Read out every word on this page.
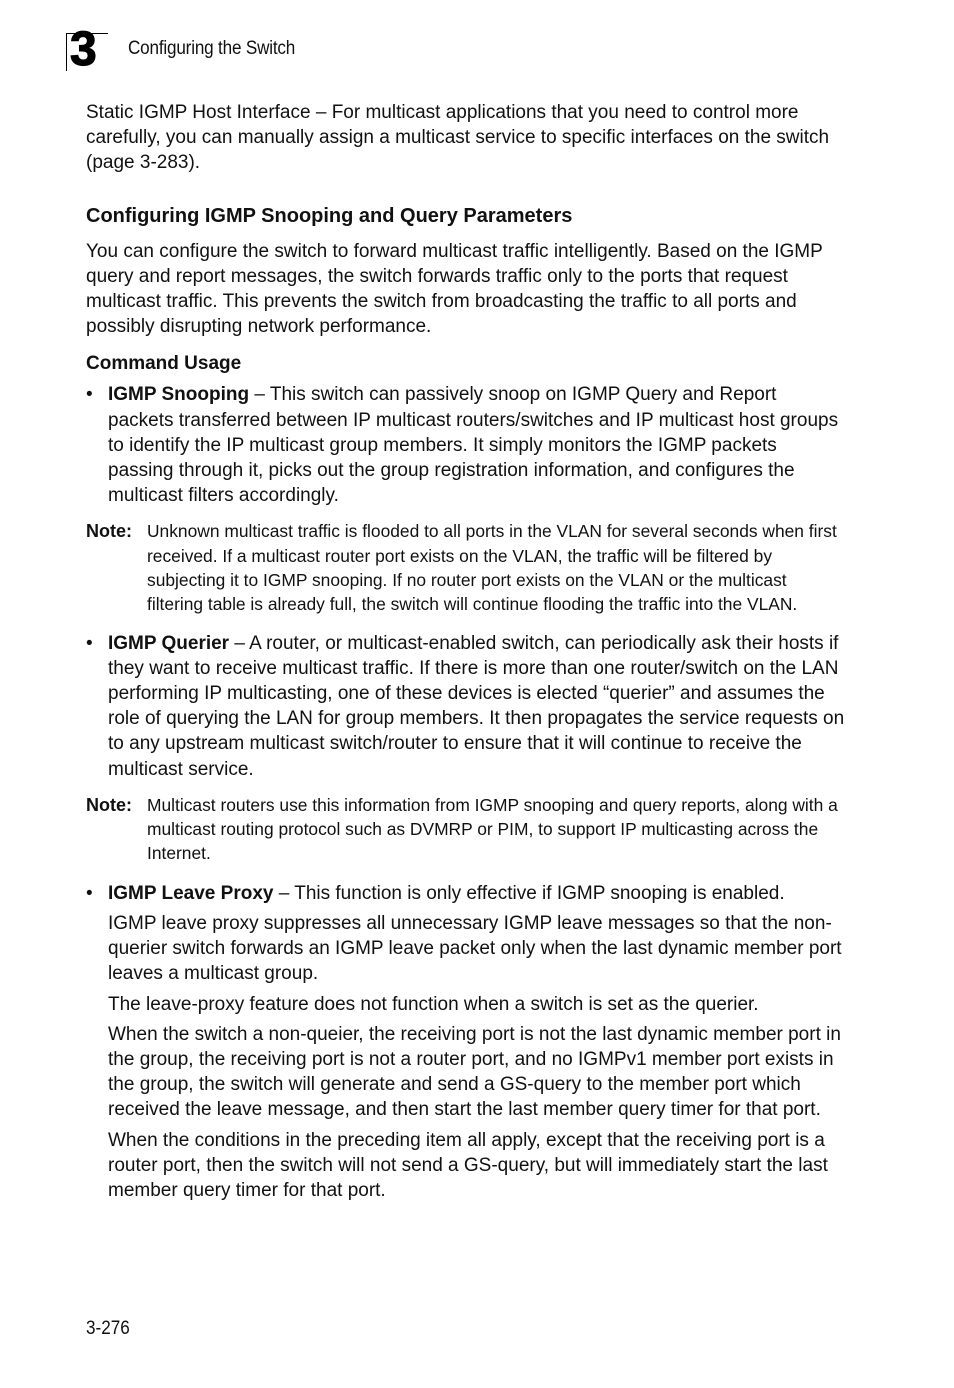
3 Configuring the Switch

Static IGMP Host Interface – For multicast applications that you need to control more carefully, you can manually assign a multicast service to specific interfaces on the switch (page 3-283).

Configuring IGMP Snooping and Query Parameters

You can configure the switch to forward multicast traffic intelligently. Based on the IGMP query and report messages, the switch forwards traffic only to the ports that request multicast traffic. This prevents the switch from broadcasting the traffic to all ports and possibly disrupting network performance.

Command Usage

• IGMP Snooping – This switch can passively snoop on IGMP Query and Report packets transferred between IP multicast routers/switches and IP multicast host groups to identify the IP multicast group members. It simply monitors the IGMP packets passing through it, picks out the group registration information, and configures the multicast filters accordingly.
Note: Unknown multicast traffic is flooded to all ports in the VLAN for several seconds when first received. If a multicast router port exists on the VLAN, the traffic will be filtered by subjecting it to IGMP snooping. If no router port exists on the VLAN or the multicast filtering table is already full, the switch will continue flooding the traffic into the VLAN.
• IGMP Querier – A router, or multicast-enabled switch, can periodically ask their hosts if they want to receive multicast traffic. If there is more than one router/switch on the LAN performing IP multicasting, one of these devices is elected “querier” and assumes the role of querying the LAN for group members. It then propagates the service requests on to any upstream multicast switch/router to ensure that it will continue to receive the multicast service.
Note: Multicast routers use this information from IGMP snooping and query reports, along with a multicast routing protocol such as DVMRP or PIM, to support IP multicasting across the Internet.
• IGMP Leave Proxy – This function is only effective if IGMP snooping is enabled.

IGMP leave proxy suppresses all unnecessary IGMP leave messages so that the non-querier switch forwards an IGMP leave packet only when the last dynamic member port leaves a multicast group.

The leave-proxy feature does not function when a switch is set as the querier.

When the switch a non-queier, the receiving port is not the last dynamic member port in the group, the receiving port is not a router port, and no IGMPv1 member port exists in the group, the switch will generate and send a GS-query to the member port which received the leave message, and then start the last member query timer for that port.

When the conditions in the preceding item all apply, except that the receiving port is a router port, then the switch will not send a GS-query, but will immediately start the last member query timer for that port.

3-276
